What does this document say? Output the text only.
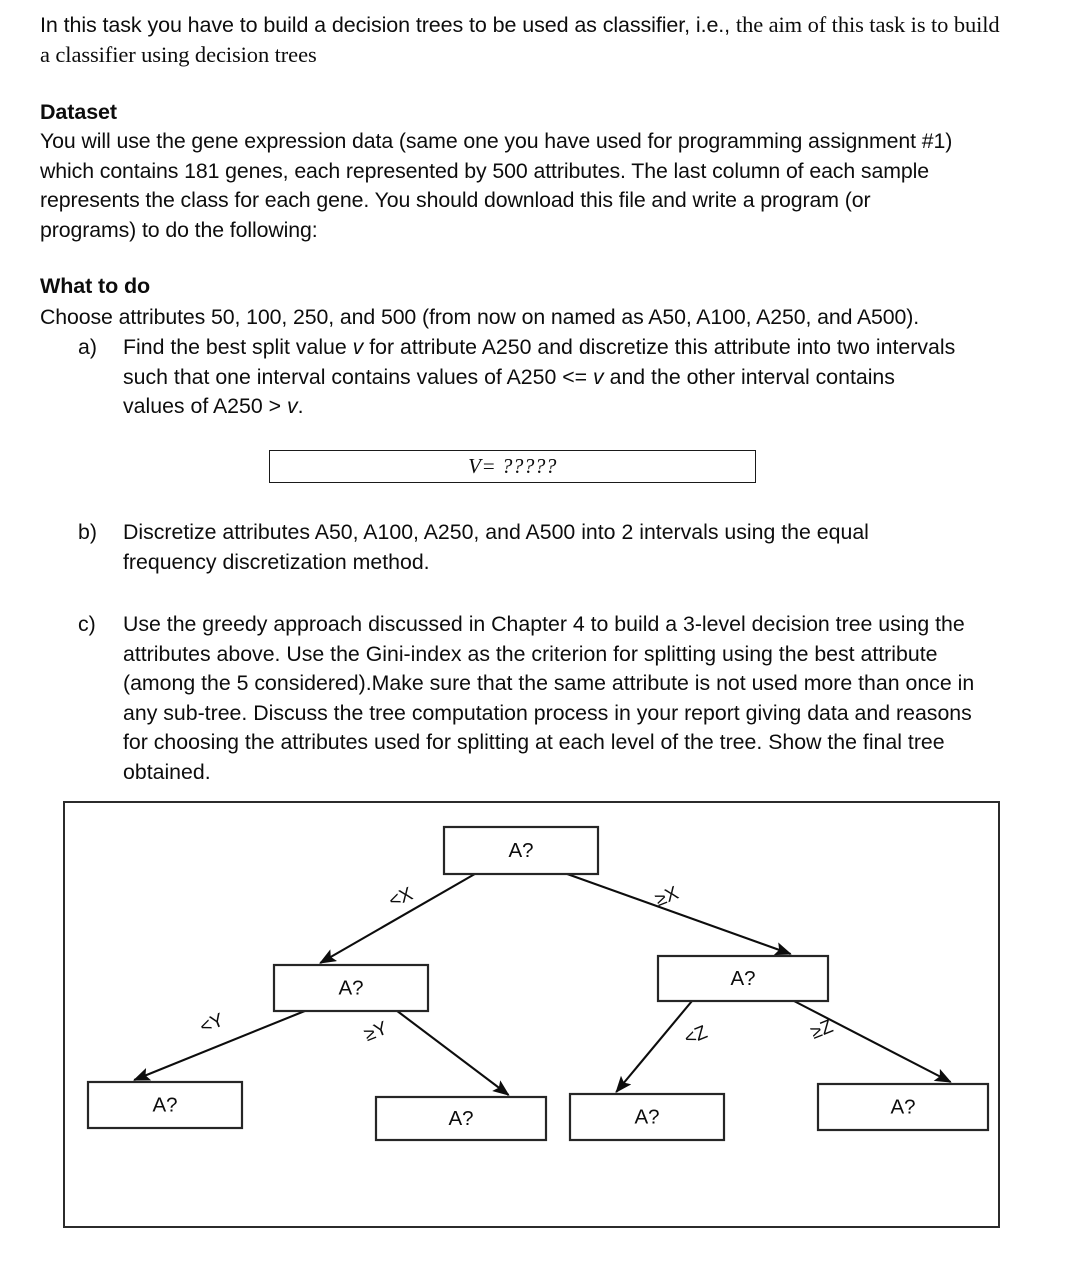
In this task you have to build a decision trees to be used as classifier, i.e., the aim of this task is to build a classifier using decision trees
Dataset
You will use the gene expression data (same one you have used for programming assignment #1) which contains 181 genes, each represented by 500 attributes. The last column of each sample represents the class for each gene. You should download this file and write a program (or programs) to do the following:
What to do
Choose attributes 50, 100, 250, and 500 (from now on named as A50, A100, A250, and A500).
a)	Find the best split value v for attribute A250 and discretize this attribute into two intervals such that one interval contains values of A250 <= v and the other interval contains values of A250 > v.
V= ?????
b)	Discretize attributes A50, A100, A250, and A500 into 2 intervals using the equal frequency discretization method.
c)	Use the greedy approach discussed in Chapter 4 to build a 3-level decision tree using the attributes above. Use the Gini-index as the criterion for splitting using the best attribute (among the 5 considered).Make sure that the same attribute is not used more than once in any sub-tree. Discuss the tree computation process in your report giving data and reasons for choosing the attributes used for splitting at each level of the tree. Show the final tree obtained.
A?
A?	A?
A?
A?	A?	A?
<X	≥X
<Y	≥Y	<Z	≥Z
